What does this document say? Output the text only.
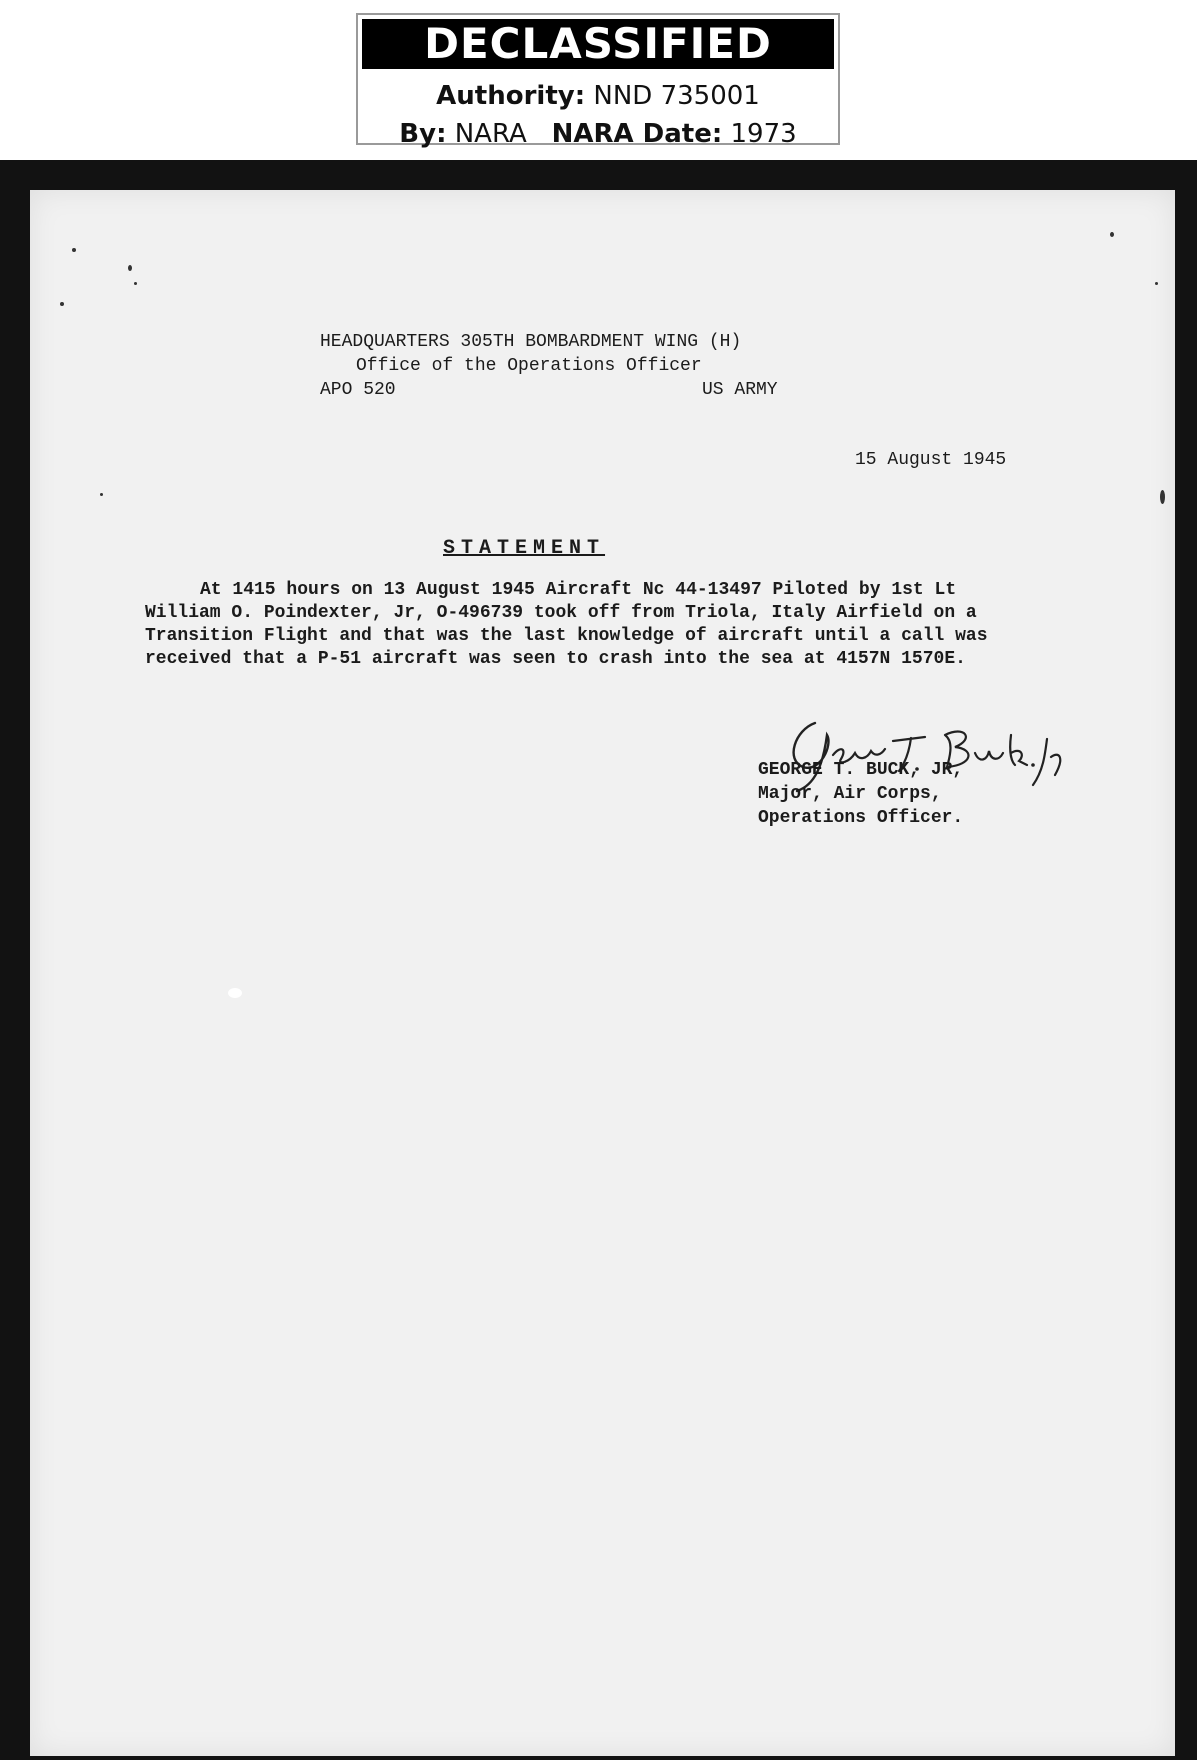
DECLASSIFIED
Authority: NND 735001
By: NARA NARA Date: 1973
HEADQUARTERS 305TH BOMBARDMENT WING (H)
Office of the Operations Officer
APO 520	US ARMY
15 August 1945
STATEMENT
At 1415 hours on 13 August 1945 Aircraft Nc 44-13497 Piloted by 1st Lt
William O. Poindexter, Jr, O-496739 took off from Triola, Italy Airfield on a
Transition Flight and that was the last knowledge of aircraft until a call was
received that a P-51 aircraft was seen to crash into the sea at 4157N 1570E.
GEORGE T. BUCK, JR,
Major, Air Corps,
Operations Officer.
